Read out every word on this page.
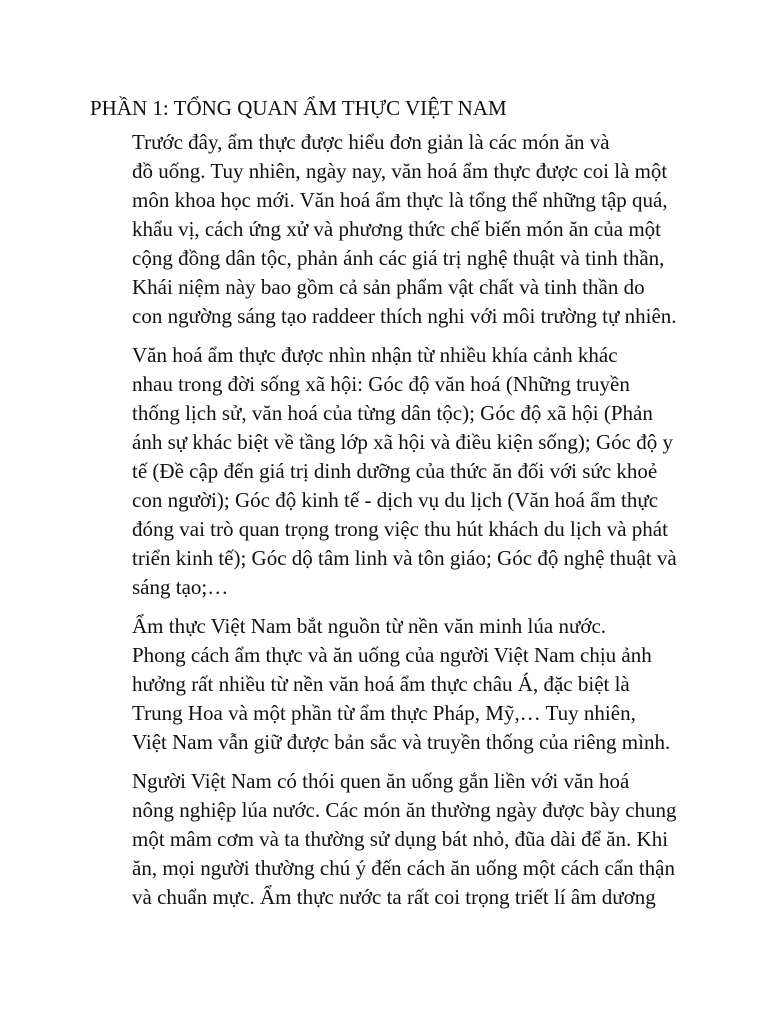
PHẦN 1: TỔNG QUAN ẨM THỰC VIỆT NAM

Trước đây, ẩm thực được hiểu đơn giản là các món ăn và
đồ uống. Tuy nhiên, ngày nay, văn hoá ẩm thực được coi là một
môn khoa học mới. Văn hoá ẩm thực là tổng thể những tập quá,
khẩu vị, cách ứng xử và phương thức chế biến món ăn của một
cộng đồng dân tộc, phản ánh các giá trị nghệ thuật và tinh thần,
Khái niệm này bao gồm cả sản phẩm vật chất và tinh thần do
con ngường sáng tạo raddeer thích nghi với môi trường tự nhiên.

Văn hoá ẩm thực được nhìn nhận từ nhiều khía cảnh khác
nhau trong đời sống xã hội: Góc độ văn hoá (Những truyền
thống lịch sử, văn hoá của từng dân tộc); Góc độ xã hội (Phản
ánh sự khác biệt về tầng lớp xã hội và điều kiện sống); Góc độ y
tế (Đề cập đến giá trị dinh dưỡng của thức ăn đối với sức khoẻ
con người); Góc độ kinh tế - dịch vụ du lịch (Văn hoá ẩm thực
đóng vai trò quan trọng trong việc thu hút khách du lịch và phát
triển kinh tế); Góc dộ tâm linh và tôn giáo; Góc độ nghệ thuật và
sáng tạo;…

Ẩm thực Việt Nam bắt nguồn từ nền văn minh lúa nước.
Phong cách ẩm thực và ăn uống của người Việt Nam chịu ảnh
hưởng rất nhiều từ nền văn hoá ẩm thực châu Á, đặc biệt là
Trung Hoa và một phần từ ẩm thực Pháp, Mỹ,… Tuy nhiên,
Việt Nam vẫn giữ được bản sắc và truyền thống của riêng mình.

Người Việt Nam có thói quen ăn uống gắn liền với văn hoá
nông nghiệp lúa nước. Các món ăn thường ngày được bày chung
một mâm cơm và ta thường sử dụng bát nhỏ, đũa dài để ăn. Khi
ăn, mọi người thường chú ý đến cách ăn uống một cách cẩn thận
và chuẩn mực. Ẩm thực nước ta rất coi trọng triết lí âm dương
